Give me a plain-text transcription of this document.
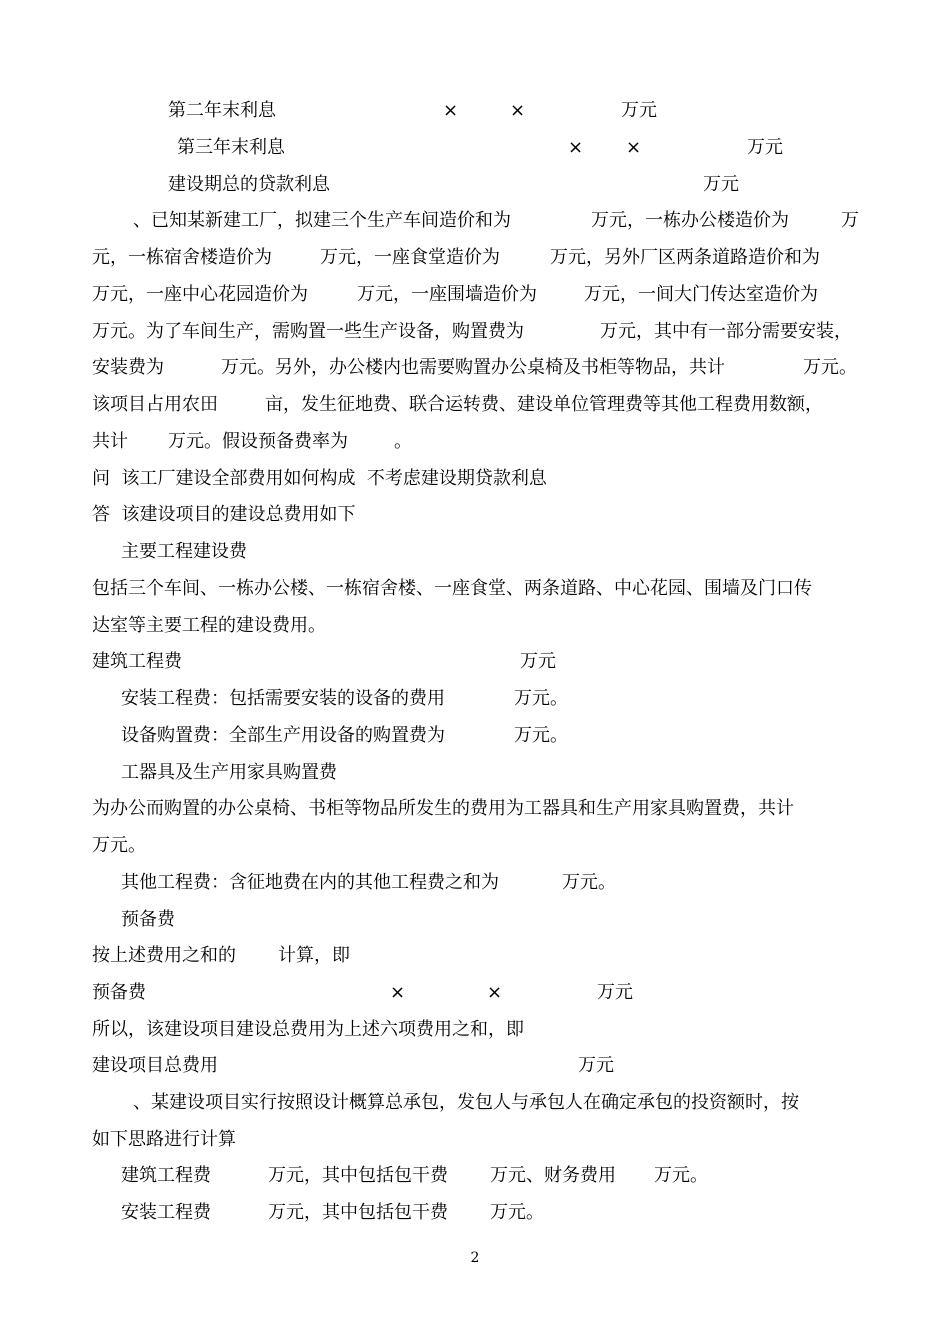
第二年末利息	×	×	万元
第三年末利息	× ×	万元
建设期总的贷款利息	万元
、已知某新建工厂，拟建三个生产车间造价和为	万元，一栋办公楼造价为	万
元，一栋宿舍楼造价为	万元，一座食堂造价为	万元，另外厂区两条道路造价和为
万元，一座中心花园造价为	万元，一座围墙造价为	万元，一间大门传达室造价为
万元。为了车间生产，需购置一些生产设备，购置费为	万元，其中有一部分需要安装，
安装费为	万元。另外，办公楼内也需要购置办公桌椅及书柜等物品，共计	万元。
该项目占用农田	亩，发生征地费、联合运转费、建设单位管理费等其他工程费用数额，
共计 万元。假设预备费率为	。
问  该工厂建设全部费用如何构成  不考虑建设期贷款利息
答  该建设项目的建设总费用如下
主要工程建设费
包括三个车间、一栋办公楼、一栋宿舍楼、一座食堂、两条道路、中心花园、围墙及门口传
达室等主要工程的建设费用。
建筑工程费	万元
安装工程费：包括需要安装的设备的费用	万元。
设备购置费：全部生产用设备的购置费为	万元。
工器具及生产用家具购置费
为办公而购置的办公桌椅、书柜等物品所发生的费用为工器具和生产用家具购置费，共计
万元。
其他工程费：含征地费在内的其他工程费之和为	万元。
预备费
按上述费用之和的 计算，即
预备费	×	×	万元
所以，该建设项目建设总费用为上述六项费用之和，即
建设项目总费用	万元
、某建设项目实行按照设计概算总承包，发包人与承包人在确定承包的投资额时，按
如下思路进行计算
建筑工程费	万元，其中包括包干费 万元、财务费用 万元。
安装工程费	万元，其中包括包干费 万元。
2
